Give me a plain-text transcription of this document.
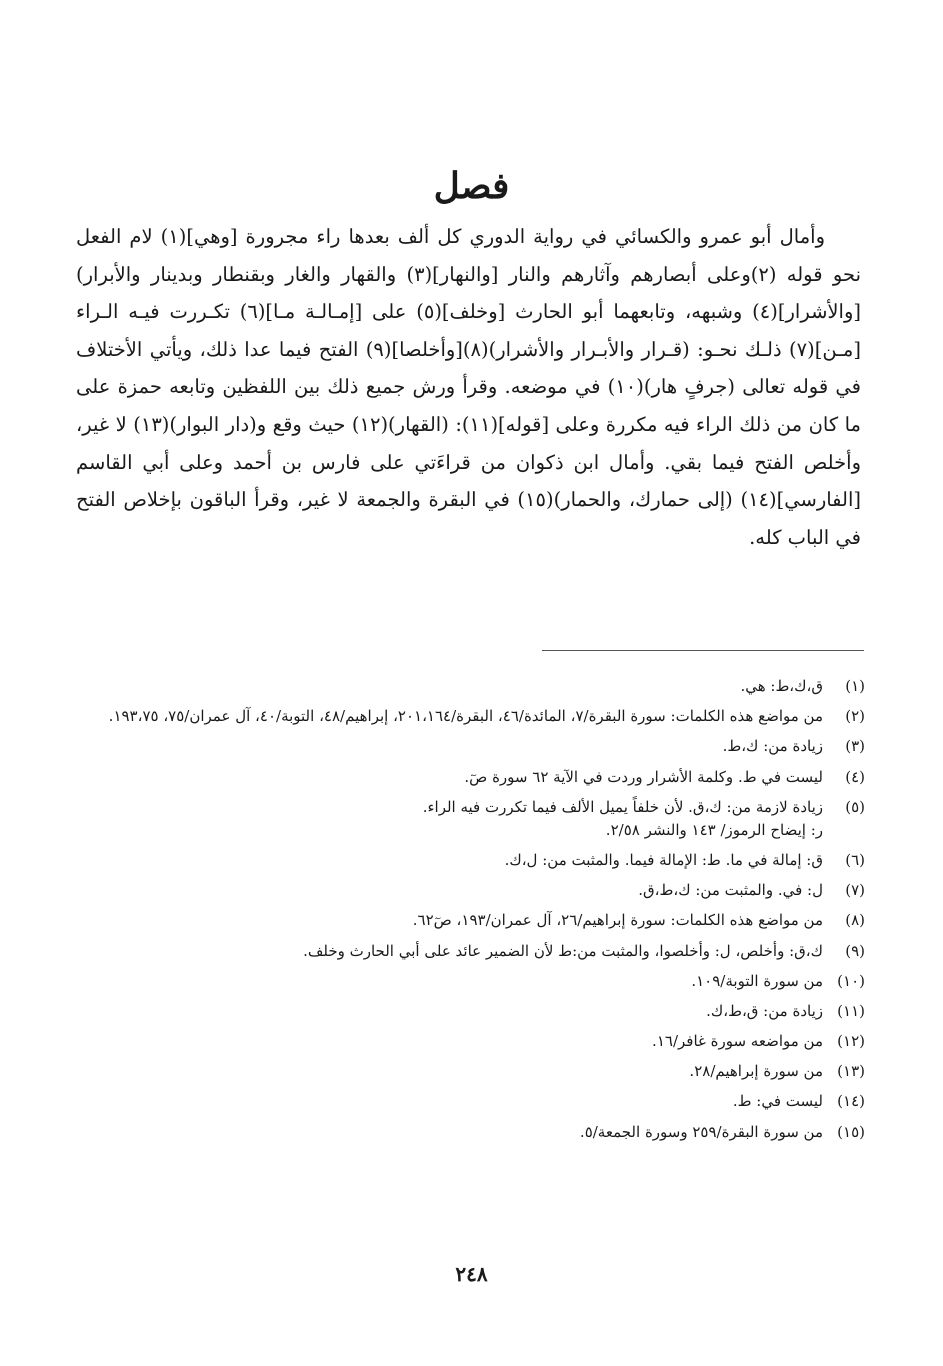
فصل

وأمال أبو عمرو والكسائي في رواية الدوري كل ألف بعدها راء مجرورة [وهي](١) لام الفعل نحو قوله (٢)وعلى أبصارهم وآثارهم والنار [والنهار](٣) والقهار والغار وبقنطار وبدينار والأبرار) [والأشرار](٤) وشبهه، وتابعهما أبو الحارث [وخلف](٥) على [إمـالـة مـا](٦) تكـررت فيـه الـراء [مـن](٧) ذلـك نحـو: (قـرار والأبـرار والأشرار)(٨)[وأخلصا](٩) الفتح فيما عدا ذلك، ويأتي الأختلاف في قوله تعالى (جرفٍ هار)(١٠) في موضعه. وقرأ ورش جميع ذلك بين اللفظين وتابعه حمزة على ما كان من ذلك الراء فيه مكررة وعلى [قوله](١١): (القهار)(١٢) حيث وقع و(دار البوار)(١٣) لا غير، وأخلص الفتح فيما بقي. وأمال ابن ذكوان من قراءَتي على فارس بن أحمد وعلى أبي القاسم [الفارسي](١٤) (إلى حمارك، والحمار)(١٥) في البقرة والجمعة لا غير، وقرأ الباقون بإخلاص الفتح في الباب كله.

(١)
ق،ك،ط: هي.
(٢)
من مواضع هذه الكلمات: سورة البقرة/٧، المائدة/٤٦، البقرة/٢٠١،١٦٤، إبراهيم/٤٨، التوبة/٤٠، آل عمران/٧٥، ١٩٣،٧٥.
(٣)
زيادة من: ك،ط.
(٤)
ليست في ط. وكلمة الأشرار وردت في الآية ٦٢ سورة صٓ.
(٥)
زيادة لازمة من: ك،ق. لأن خلفاً يميل الألف فيما تكررت فيه الراء.
ر: إيضاح الرموز/ ١٤٣ والنشر ٢/٥٨.
(٦)
ق: إمالة في ما. ط: الإمالة فيما. والمثبت من: ل،ك.
(٧)
ل: في. والمثبت من: ك،ط،ق.
(٨)
من مواضع هذه الكلمات: سورة إبراهيم/٢٦، آل عمران/١٩٣، صٓ٦٢.
(٩)
ك،ق: وأخلص، ل: وأخلصوا، والمثبت من:ط لأن الضمير عائد على أبي الحارث وخلف.
(١٠)
من سورة التوبة/١٠٩.
(١١)
زيادة من: ق،ط،ك.
(١٢)
من مواضعه سورة غافر/١٦.
(١٣)
من سورة إبراهيم/٢٨.
(١٤)
ليست في: ط.
(١٥)
من سورة البقرة/٢٥٩ وسورة الجمعة/٥.
٢٤٨
